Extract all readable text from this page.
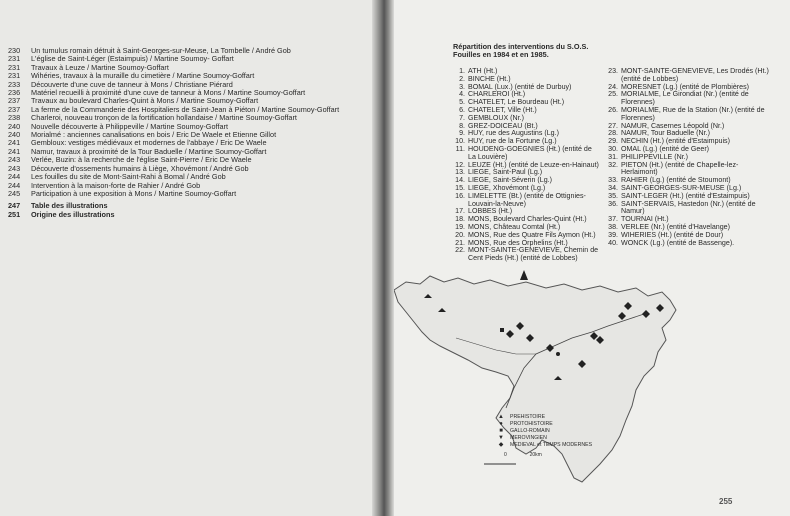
230	Un tumulus romain détruit à Saint-Georges-sur-Meuse, La Tombelle / André Gob
231	L'église de Saint-Léger (Estaimpuis) / Martine Soumoy- Goffart
231	Travaux à Leuze / Martine Soumoy-Goffart
231	Wihéries, travaux à la muraille du cimetière / Martine Soumoy-Goffart
233	Découverte d'une cuve de tanneur à Mons / Christiane Piérard
236	Matériel recueilli à proximité d'une cuve de tanneur à Mons / Martine Soumoy-Goffart
237	Travaux au boulevard Charles-Quint à Mons / Martine Soumoy-Goffart
237	La ferme de la Commanderie des Hospitaliers de Saint-Jean à Piéton / Martine Soumoy-Goffart
238	Charleroi, nouveau tronçon de la fortification hollandaise / Martine Soumoy-Goffart
240	Nouvelle découverte à Philippeville / Martine Soumoy-Goffart
240	Morialmé : anciennes canalisations en bois / Eric De Waele et Etienne Gillot
241	Gembloux: vestiges médiévaux et modernes de l'abbaye / Eric De Waele
241	Namur, travaux à proximité de la Tour Baduelle / Martine Soumoy-Goffart
243	Verlée, Buzin: à la recherche de l'église Saint-Pierre / Eric De Waele
243	Découverte d'ossements humains à Liège, Xhovémont / André Gob
244	Les fouilles du site de Mont-Saint-Rahi à Bomal / André Gob
244	Intervention à la maison-forte de Rahier / André Gob
245	Participation à une exposition à Mons / Martine Soumoy-Goffart
247	Table des illustrations
251	Origine des illustrations
Répartition des interventions du S.O.S.
Fouilles en 1984 et en 1985.
1. ATH (Ht.)
2. BINCHE (Ht.)
3. BOMAL (Lux.) (entité de Durbuy)
4. CHARLEROI (Ht.)
5. CHATELET, Le Bourdeau (Ht.)
6. CHATELET, Ville (Ht.)
7. GEMBLOUX (Nr.)
8. GREZ-DOICEAU (Bt.)
9. HUY, rue des Augustins (Lg.)
10. HUY, rue de la Fortune (Lg.)
11. HOUDENG-GOEGNIES (Ht.) (entité de La Louvière)
12. LEUZE (Ht.) (entité de Leuze-en-Hainaut)
13. LIEGE, Saint-Paul (Lg.)
14. LIEGE, Saint-Séverin (Lg.)
15. LIEGE, Xhovémont (Lg.)
16. LIMELETTE (Bt.) (entité de Ottignies-Louvain-la-Neuve)
17. LOBBES (Ht.)
18. MONS, Boulevard Charles-Quint (Ht.)
19. MONS, Château Comtal (Ht.)
20. MONS, Rue des Quatre Fils Aymon (Ht.)
21. MONS, Rue des Orphelins (Ht.)
22. MONT-SAINTE-GENEVIEVE, Chemin de Cent Pieds (Ht.) (entité de Lobbes)
23. MONT-SAINTE-GENEVIEVE, Les Drodés (Ht.) (entité de Lobbes)
24. MORESNET (Lg.) (entité de Plombières)
25. MORIALME, Le Girondiat (Nr.) (entité de Florennes)
26. MORIALME, Rue de la Station (Nr.) (entité de Florennes)
27. NAMUR, Casernes Léopold (Nr.)
28. NAMUR, Tour Baduelle (Nr.)
29. NECHIN (Ht.) (entité d'Estaimpuis)
30. OMAL (Lg.) (entité de Geer)
31. PHILIPPEVILLE (Nr.)
32. PIETON (Ht.) (entité de Chapelle-lez-Herlaimont)
33. RAHIER (Lg.) (entité de Stoumont)
34. SAINT-GEORGES-SUR-MEUSE (Lg.)
35. SAINT-LEGER (Ht.) (entité d'Estaimpuis)
36. SAINT-SERVAIS, Hastedon (Nr.) (entité de Namur)
37. TOURNAI (Ht.)
38. VERLEE (Nr.) (entité d'Havelange)
39. WIHERIES (Ht.) (entité de Dour)
40. WONCK (Lg.) (entité de Bassenge).
▲	PREHISTOIRE
●	PROTOHISTOIRE
■	GALLO-ROMAIN
▼	MEROVINGIEN
◆	MEDIEVAL et TEMPS MODERNES
0	20km
255
